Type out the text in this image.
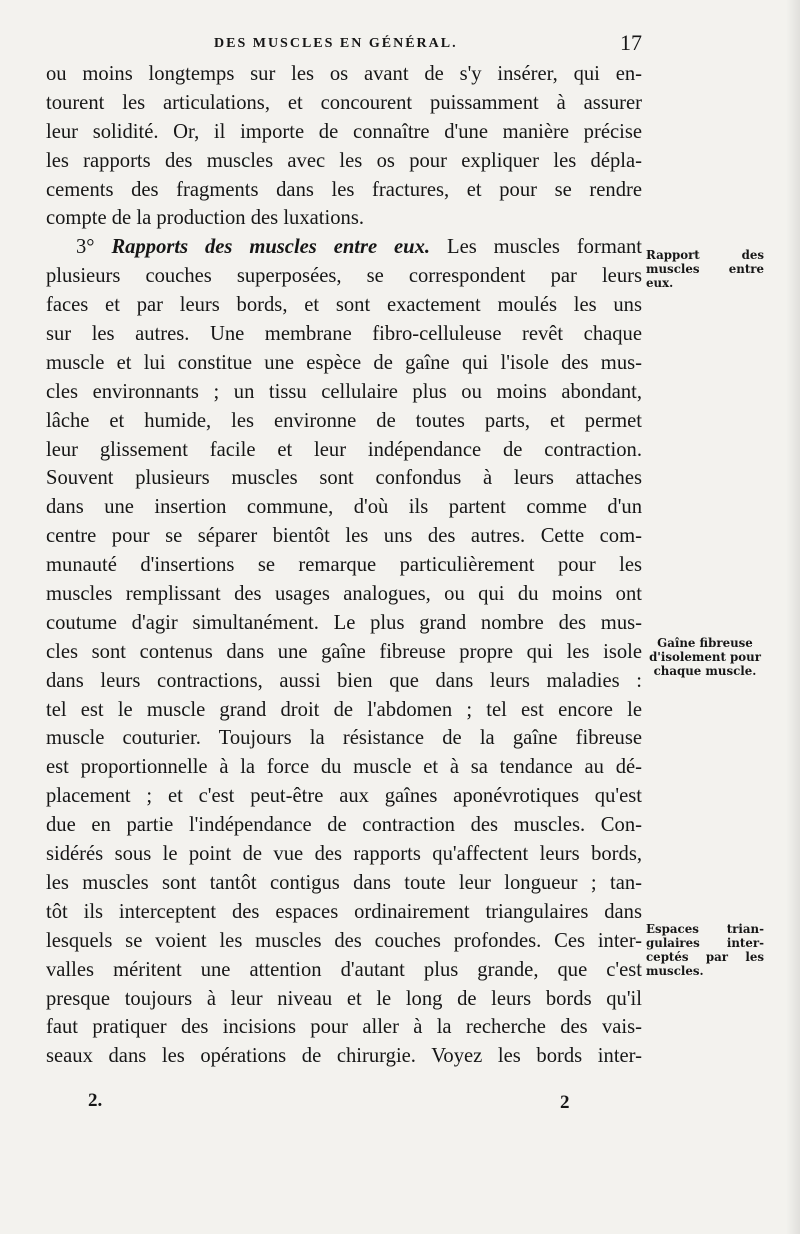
DES MUSCLES EN GÉNÉRAL.	17
ou moins longtemps sur les os avant de s'y insérer, qui en-
tourent les articulations, et concourent puissamment à assurer
leur solidité. Or, il importe de connaître d'une manière précise
les rapports des muscles avec les os pour expliquer les dépla-
cements des fragments dans les fractures, et pour se rendre
compte de la production des luxations.
3° Rapports des muscles entre eux. Les muscles formant
plusieurs couches superposées, se correspondent par leurs
faces et par leurs bords, et sont exactement moulés les uns
sur les autres. Une membrane fibro-celluleuse revêt chaque
muscle et lui constitue une espèce de gaîne qui l'isole des mus-
cles environnants ; un tissu cellulaire plus ou moins abondant,
lâche et humide, les environne de toutes parts, et permet
leur glissement facile et leur indépendance de contraction.
Souvent plusieurs muscles sont confondus à leurs attaches
dans une insertion commune, d'où ils partent comme d'un
centre pour se séparer bientôt les uns des autres. Cette com-
munauté d'insertions se remarque particulièrement pour les
muscles remplissant des usages analogues, ou qui du moins ont
coutume d'agir simultanément. Le plus grand nombre des mus-
cles sont contenus dans une gaîne fibreuse propre qui les isole
dans leurs contractions, aussi bien que dans leurs maladies :
tel est le muscle grand droit de l'abdomen ; tel est encore le
muscle couturier. Toujours la résistance de la gaîne fibreuse
est proportionnelle à la force du muscle et à sa tendance au dé-
placement ; et c'est peut-être aux gaînes aponévrotiques qu'est
due en partie l'indépendance de contraction des muscles. Con-
sidérés sous le point de vue des rapports qu'affectent leurs bords,
les muscles sont tantôt contigus dans toute leur longueur ; tan-
tôt ils interceptent des espaces ordinairement triangulaires dans
lesquels se voient les muscles des couches profondes. Ces inter-
valles méritent une attention d'autant plus grande, que c'est
presque toujours à leur niveau et le long de leurs bords qu'il
faut pratiquer des incisions pour aller à la recherche des vais-
seaux dans les opérations de chirurgie. Voyez les bords inter-
Rapport des
muscles entre
eux.
Gaîne fibreuse
d'isolement pour
chaque muscle.
Espaces trian-
gulaires inter-
ceptés par les
muscles.
2.	2
